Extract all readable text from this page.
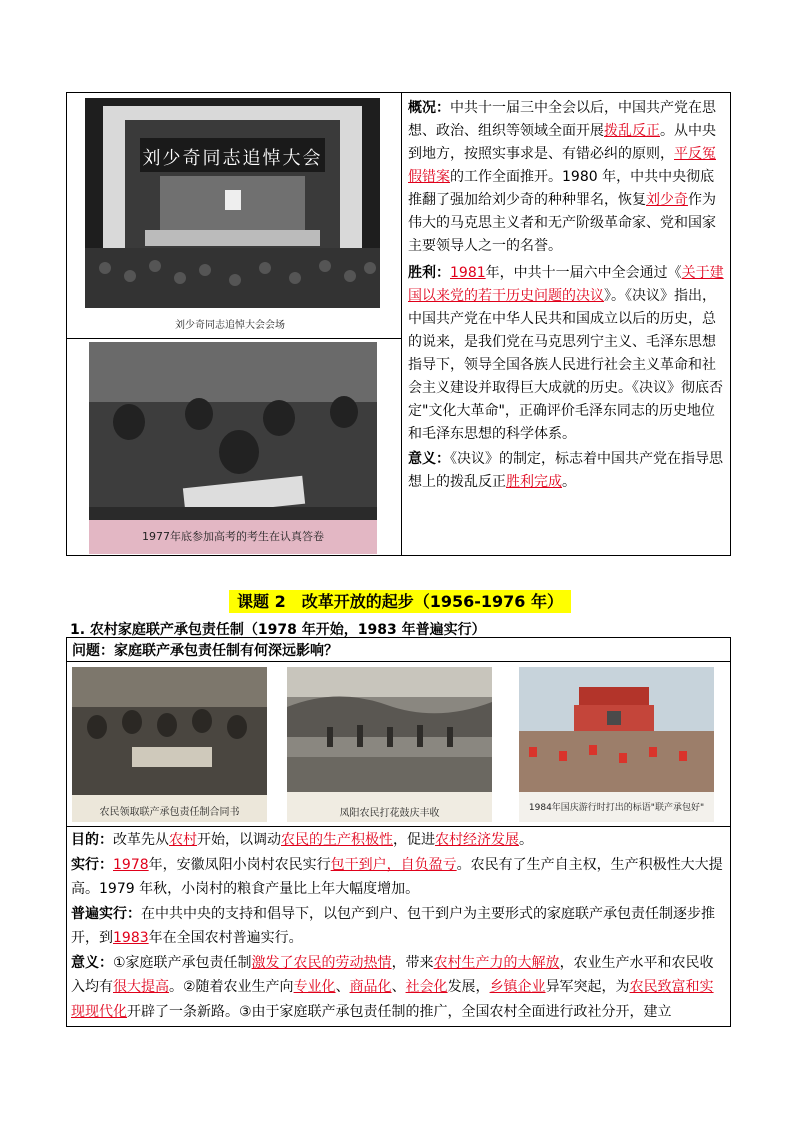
刘少奇同志追悼大会
刘少奇同志追悼大会会场
1977年底参加高考的考生在认真答卷
概况：中共十一届三中全会以后，中国共产党在思想、政治、组织等领域全面开展拨乱反正。从中央到地方，按照实事求是、有错必纠的原则，平反冤假错案的工作全面推开。1980 年，中共中央彻底推翻了强加给刘少奇的种种罪名，恢复刘少奇作为伟大的马克思主义者和无产阶级革命家、党和国家主要领导人之一的名誉。
胜利：1981年，中共十一届六中全会通过《关于建国以来党的若干历史问题的决议》。《决议》指出，中国共产党在中华人民共和国成立以后的历史，总的说来，是我们党在马克思列宁主义、毛泽东思想指导下，领导全国各族人民进行社会主义革命和社会主义建设并取得巨大成就的历史。《决议》彻底否定"文化大革命"，正确评价毛泽东同志的历史地位和毛泽东思想的科学体系。
意义：《决议》的制定，标志着中国共产党在指导思想上的拨乱反正胜利完成。
课题 2　改革开放的起步（1956-1976 年）
1. 农村家庭联产承包责任制（1978 年开始，1983 年普遍实行）
问题：家庭联产承包责任制有何深远影响？
农民领取联产承包责任制合同书	凤阳农民打花鼓庆丰收	1984年国庆游行时打出的标语"联产承包好"
目的：改革先从农村开始，以调动农民的生产积极性，促进农村经济发展。
实行：1978年，安徽凤阳小岗村农民实行包干到户，自负盈亏。农民有了生产自主权，生产积极性大大提高。1979 年秋，小岗村的粮食产量比上年大幅度增加。
普遍实行：在中共中央的支持和倡导下，以包产到户、包干到户为主要形式的家庭联产承包责任制逐步推开，到1983年在全国农村普遍实行。
意义：①家庭联产承包责任制激发了农民的劳动热情，带来农村生产力的大解放，农业生产水平和农民收入均有很大提高。②随着农业生产向专业化、商品化、社会化发展，乡镇企业异军突起，为农民致富和实现现代化开辟了一条新路。③由于家庭联产承包责任制的推广，全国农村全面进行政社分开，建立
